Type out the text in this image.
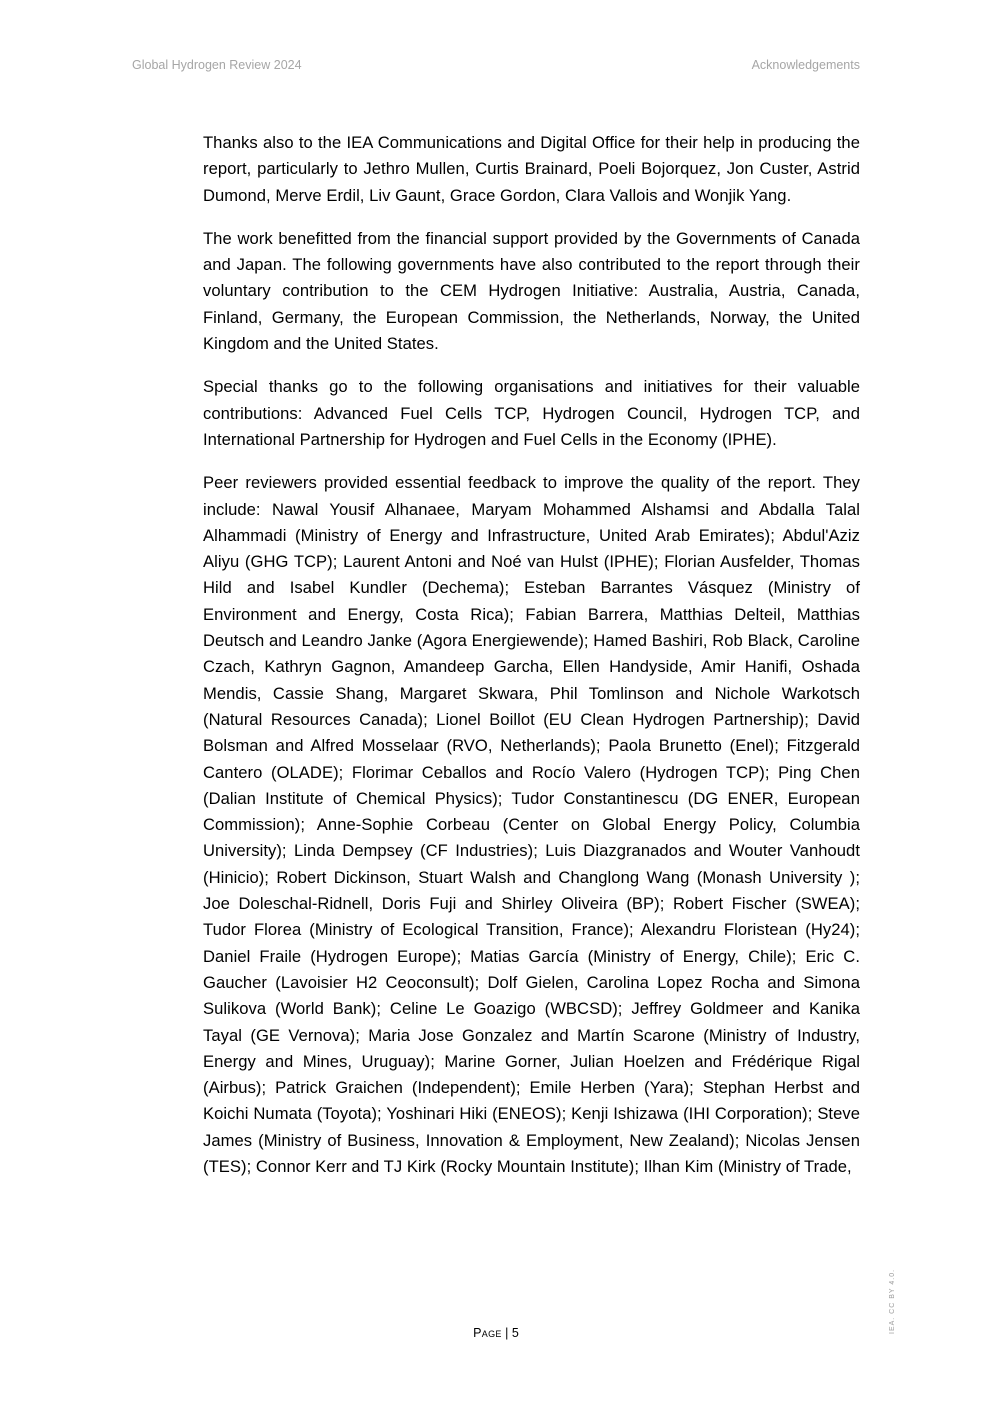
Global Hydrogen Review 2024	Acknowledgements

Thanks also to the IEA Communications and Digital Office for their help in producing the report, particularly to Jethro Mullen, Curtis Brainard, Poeli Bojorquez, Jon Custer, Astrid Dumond, Merve Erdil, Liv Gaunt, Grace Gordon, Clara Vallois and Wonjik Yang.

The work benefitted from the financial support provided by the Governments of Canada and Japan. The following governments have also contributed to the report through their voluntary contribution to the CEM Hydrogen Initiative: Australia, Austria, Canada, Finland, Germany, the European Commission, the Netherlands, Norway, the United Kingdom and the United States.

Special thanks go to the following organisations and initiatives for their valuable contributions: Advanced Fuel Cells TCP, Hydrogen Council, Hydrogen TCP, and International Partnership for Hydrogen and Fuel Cells in the Economy (IPHE).

Peer reviewers provided essential feedback to improve the quality of the report. They include: Nawal Yousif Alhanaee, Maryam Mohammed Alshamsi and Abdalla Talal Alhammadi (Ministry of Energy and Infrastructure, United Arab Emirates); Abdul'Aziz Aliyu (GHG TCP); Laurent Antoni and Noé van Hulst (IPHE); Florian Ausfelder, Thomas Hild and Isabel Kundler (Dechema); Esteban Barrantes Vásquez (Ministry of Environment and Energy, Costa Rica); Fabian Barrera, Matthias Delteil, Matthias Deutsch and Leandro Janke (Agora Energiewende); Hamed Bashiri, Rob Black, Caroline Czach, Kathryn Gagnon, Amandeep Garcha, Ellen Handyside, Amir Hanifi, Oshada Mendis, Cassie Shang, Margaret Skwara, Phil Tomlinson and Nichole Warkotsch (Natural Resources Canada); Lionel Boillot (EU Clean Hydrogen Partnership); David Bolsman and Alfred Mosselaar (RVO, Netherlands); Paola Brunetto (Enel); Fitzgerald Cantero (OLADE); Florimar Ceballos and Rocío Valero (Hydrogen TCP); Ping Chen (Dalian Institute of Chemical Physics); Tudor Constantinescu (DG ENER, European Commission); Anne-Sophie Corbeau (Center on Global Energy Policy, Columbia University); Linda Dempsey (CF Industries); Luis Diazgranados and Wouter Vanhoudt (Hinicio); Robert Dickinson, Stuart Walsh and Changlong Wang (Monash University ); Joe Doleschal-Ridnell, Doris Fuji and Shirley Oliveira (BP); Robert Fischer (SWEA); Tudor Florea (Ministry of Ecological Transition, France); Alexandru Floristean (Hy24); Daniel Fraile (Hydrogen Europe); Matias García (Ministry of Energy, Chile); Eric C. Gaucher (Lavoisier H2 Ceoconsult); Dolf Gielen, Carolina Lopez Rocha and Simona Sulikova (World Bank); Celine Le Goazigo (WBCSD); Jeffrey Goldmeer and Kanika Tayal (GE Vernova); Maria Jose Gonzalez and Martín Scarone (Ministry of Industry, Energy and Mines, Uruguay); Marine Gorner, Julian Hoelzen and Frédérique Rigal (Airbus); Patrick Graichen (Independent); Emile Herben (Yara); Stephan Herbst and Koichi Numata (Toyota); Yoshinari Hiki (ENEOS); Kenji Ishizawa (IHI Corporation); Steve James (Ministry of Business, Innovation & Employment, New Zealand); Nicolas Jensen (TES); Connor Kerr and TJ Kirk (Rocky Mountain Institute); Ilhan Kim (Ministry of Trade,

Page | 5	IEA. CC BY 4.0.
